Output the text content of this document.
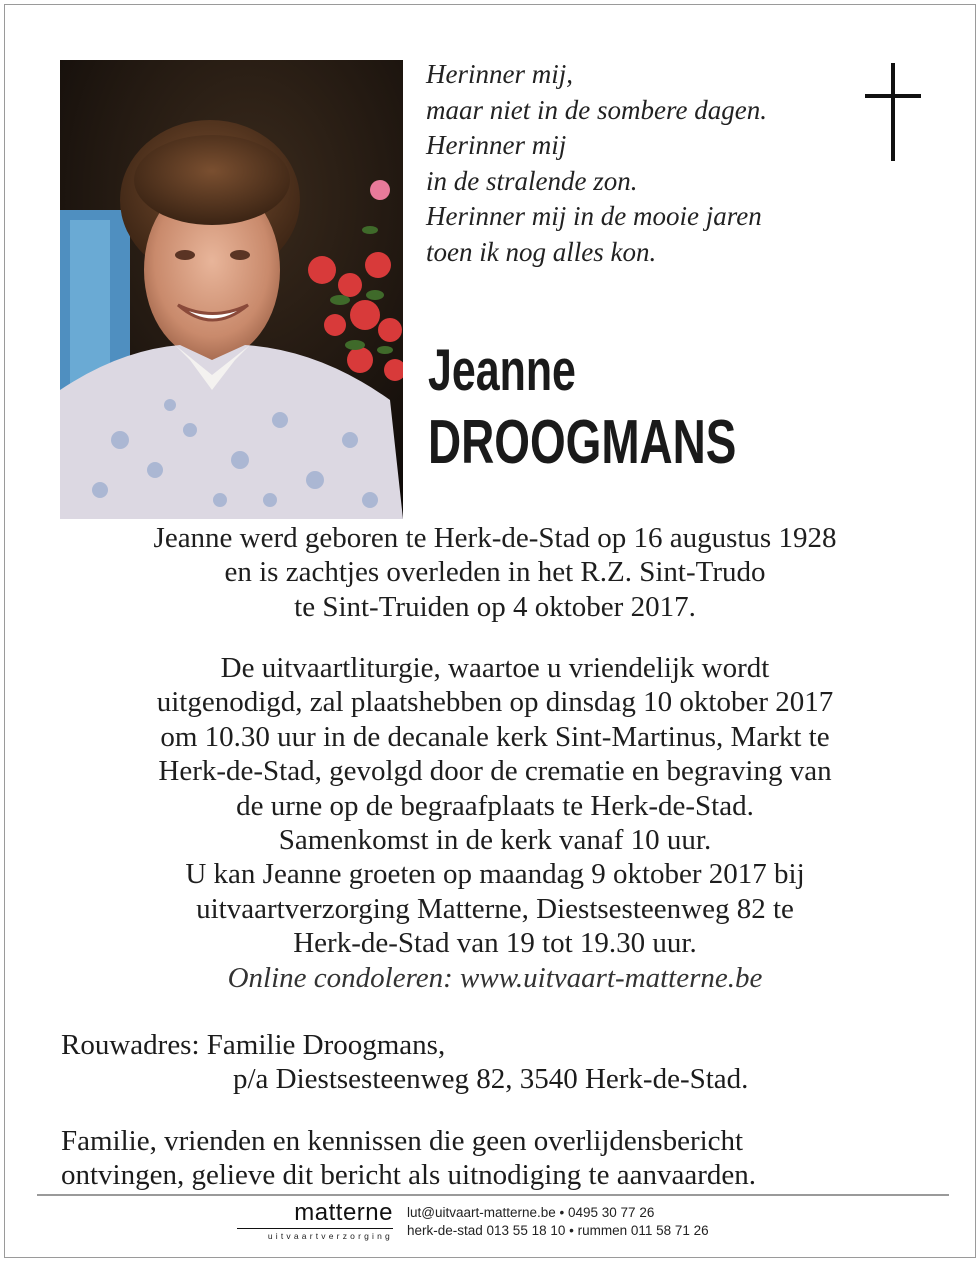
Herinner mij,
maar niet in de sombere dagen.
Herinner mij
in de stralende zon.
Herinner mij in de mooie jaren
toen ik nog alles kon.
Jeanne
DROOGMANS
Jeanne werd geboren te Herk-de-Stad op 16 augustus 1928
en is zachtjes overleden in het R.Z. Sint-Trudo
te Sint-Truiden op 4 oktober 2017.
De uitvaartliturgie, waartoe u vriendelijk wordt
uitgenodigd, zal plaatshebben op dinsdag 10 oktober 2017
om 10.30 uur in de decanale kerk Sint-Martinus, Markt te
Herk-de-Stad, gevolgd door de crematie en begraving van
de urne op de begraafplaats te Herk-de-Stad.
Samenkomst in de kerk vanaf 10 uur.
U kan Jeanne groeten op maandag 9 oktober 2017 bij
uitvaartverzorging Matterne, Diestsesteenweg 82 te
Herk-de-Stad van 19 tot 19.30 uur.
Online condoleren: www.uitvaart-matterne.be
Rouwadres: Familie Droogmans,
p/a Diestsesteenweg 82, 3540 Herk-de-Stad.
Familie, vrienden en kennissen die geen overlijdensbericht
ontvingen, gelieve dit bericht als uitnodiging te aanvaarden.
matterne
uitvaartverzorging
lut@uitvaart-matterne.be • 0495 30 77 26
herk-de-stad 013 55 18 10 • rummen 011 58 71 26
